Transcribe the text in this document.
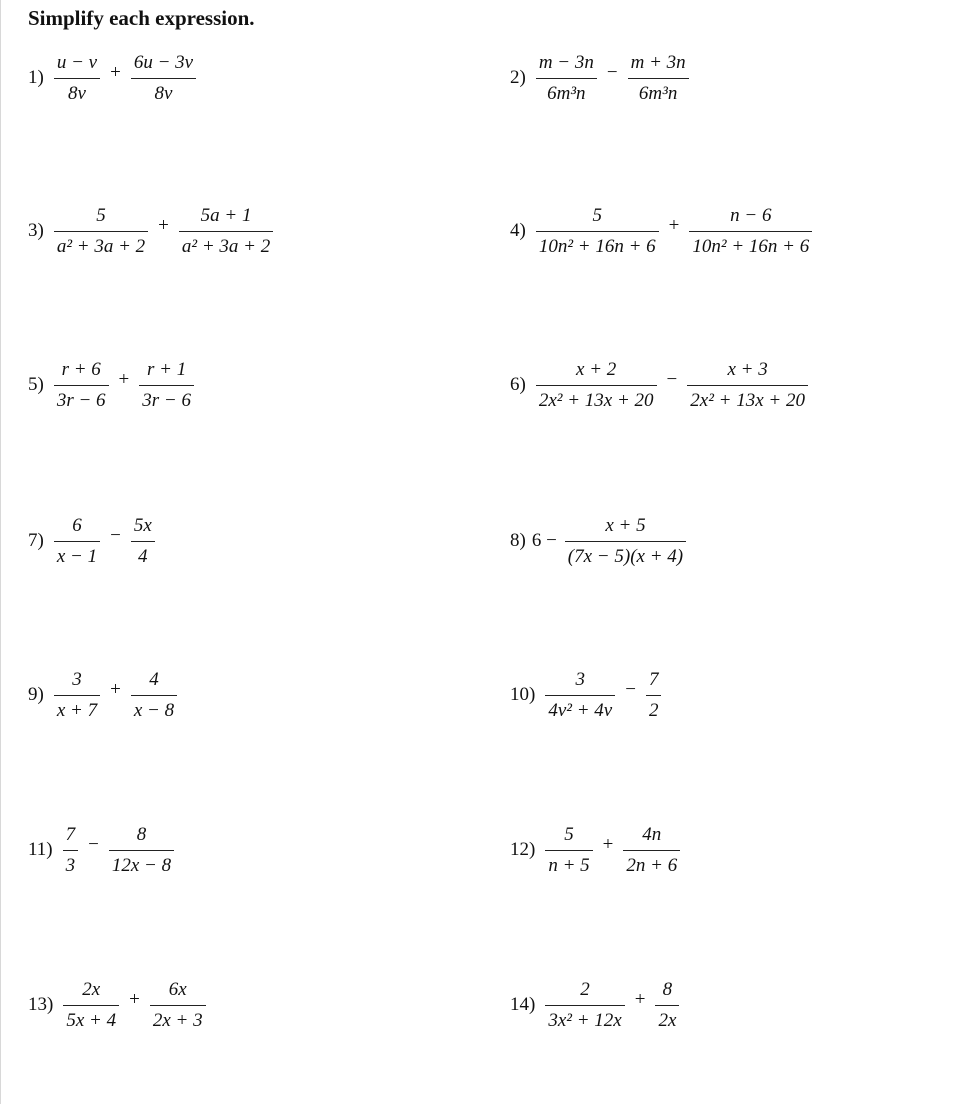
Simplify each expression.
$1) \frac{u - v}{8v} + \frac{6u - 3v}{8v}$	$2) \frac{m - 3n}{\text{6m³n}} - \frac{m + 3n}{\text{6m³n}}$
$3) \frac{5}{\text{a² + 3a + 2}} + \frac{5a + 1}{\text{a² + 3a + 2}}$	$4) \frac{5}{\text{10n² + 16n + 6}} + \frac{n - 6}{\text{10n² + 16n + 6}}$
$5) \frac{r + 6}{3r - 6} + \frac{r + 1}{3r - 6}$	$6) \frac{x + 2}{\text{2x² + 13x + 20}} - \frac{x + 3}{\text{2x² + 13x + 20}}$
$7) \frac{6}{x - 1} - \frac{5x}{4}$	8) $6 - \frac{x + 5}{(7x - 5)(x + 4)}$
$9) \frac{3}{x + 7} + \frac{4}{x - 8}$	$10) \frac{3}{\text{4v² + 4v}} - \frac{7}{2}$
$11) \frac{7}{3} - \frac{8}{12x - 8}$	$12) \frac{5}{n + 5} + \frac{4n}{2n + 6}$
$13) \frac{2x}{5x + 4} + \frac{6x}{2x + 3}$	$14) \frac{2}{\text{3x² + 12x}} + \frac{8}{2x}$
